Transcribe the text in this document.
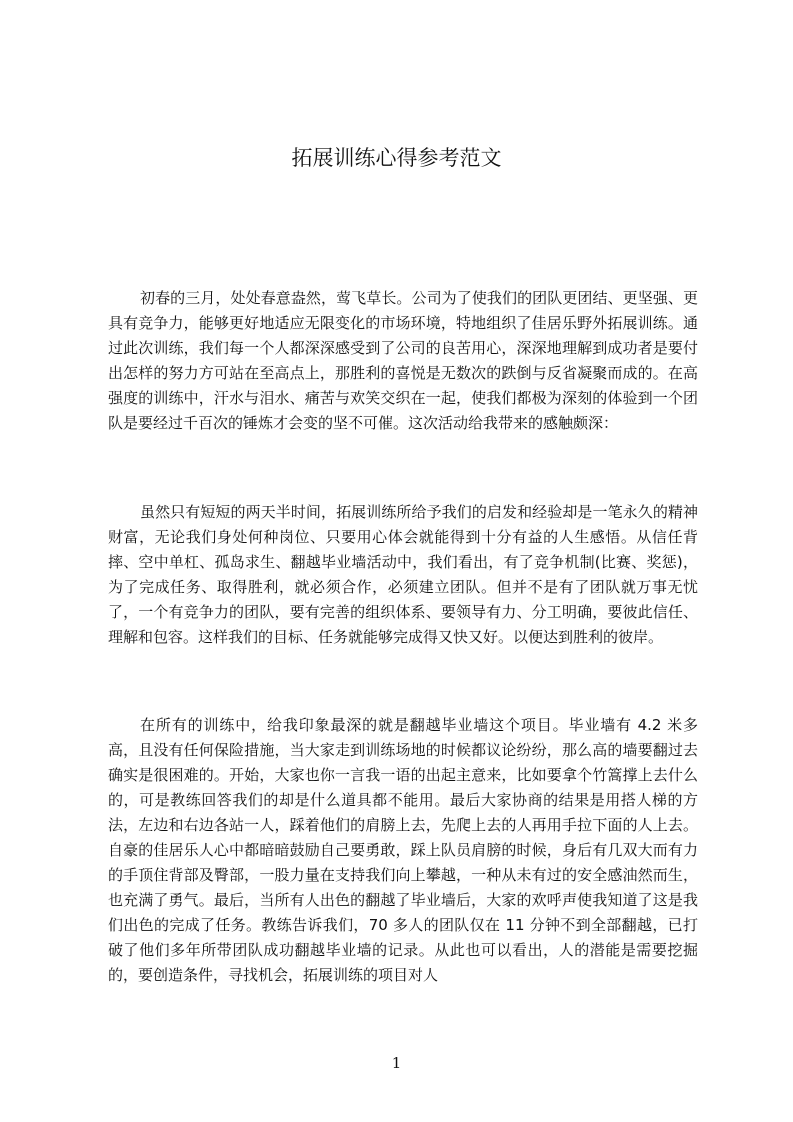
拓展训练心得参考范文

初春的三月，处处春意盎然，莺飞草长。公司为了使我们的团队更团结、更坚强、更具有竞争力，能够更好地适应无限变化的市场环境，特地组织了佳居乐野外拓展训练。通过此次训练，我们每一个人都深深感受到了公司的良苦用心，深深地理解到成功者是要付出怎样的努力方可站在至高点上，那胜利的喜悦是无数次的跌倒与反省凝聚而成的。在高强度的训练中，汗水与泪水、痛苦与欢笑交织在一起，使我们都极为深刻的体验到一个团队是要经过千百次的锤炼才会变的坚不可催。这次活动给我带来的感触颇深：

虽然只有短短的两天半时间，拓展训练所给予我们的启发和经验却是一笔永久的精神财富，无论我们身处何种岗位、只要用心体会就能得到十分有益的人生感悟。从信任背摔、空中单杠、孤岛求生、翻越毕业墙活动中，我们看出，有了竞争机制(比赛、奖惩)，为了完成任务、取得胜利，就必须合作，必须建立团队。但并不是有了团队就万事无忧了，一个有竞争力的团队，要有完善的组织体系、要领导有力、分工明确，要彼此信任、理解和包容。这样我们的目标、任务就能够完成得又快又好。以便达到胜利的彼岸。

在所有的训练中，给我印象最深的就是翻越毕业墙这个项目。毕业墙有 4.2 米多高，且没有任何保险措施，当大家走到训练场地的时候都议论纷纷，那么高的墙要翻过去确实是很困难的。开始，大家也你一言我一语的出起主意来，比如要拿个竹篙撑上去什么的，可是教练回答我们的却是什么道具都不能用。最后大家协商的结果是用搭人梯的方法，左边和右边各站一人，踩着他们的肩膀上去，先爬上去的人再用手拉下面的人上去。自豪的佳居乐人心中都暗暗鼓励自己要勇敢，踩上队员肩膀的时候，身后有几双大而有力的手顶住背部及臀部，一股力量在支持我们向上攀越，一种从未有过的安全感油然而生，也充满了勇气。最后，当所有人出色的翻越了毕业墙后，大家的欢呼声使我知道了这是我们出色的完成了任务。教练告诉我们，70 多人的团队仅在 11 分钟不到全部翻越，已打破了他们多年所带团队成功翻越毕业墙的记录。从此也可以看出，人的潜能是需要挖掘的，要创造条件，寻找机会，拓展训练的项目对人

1
